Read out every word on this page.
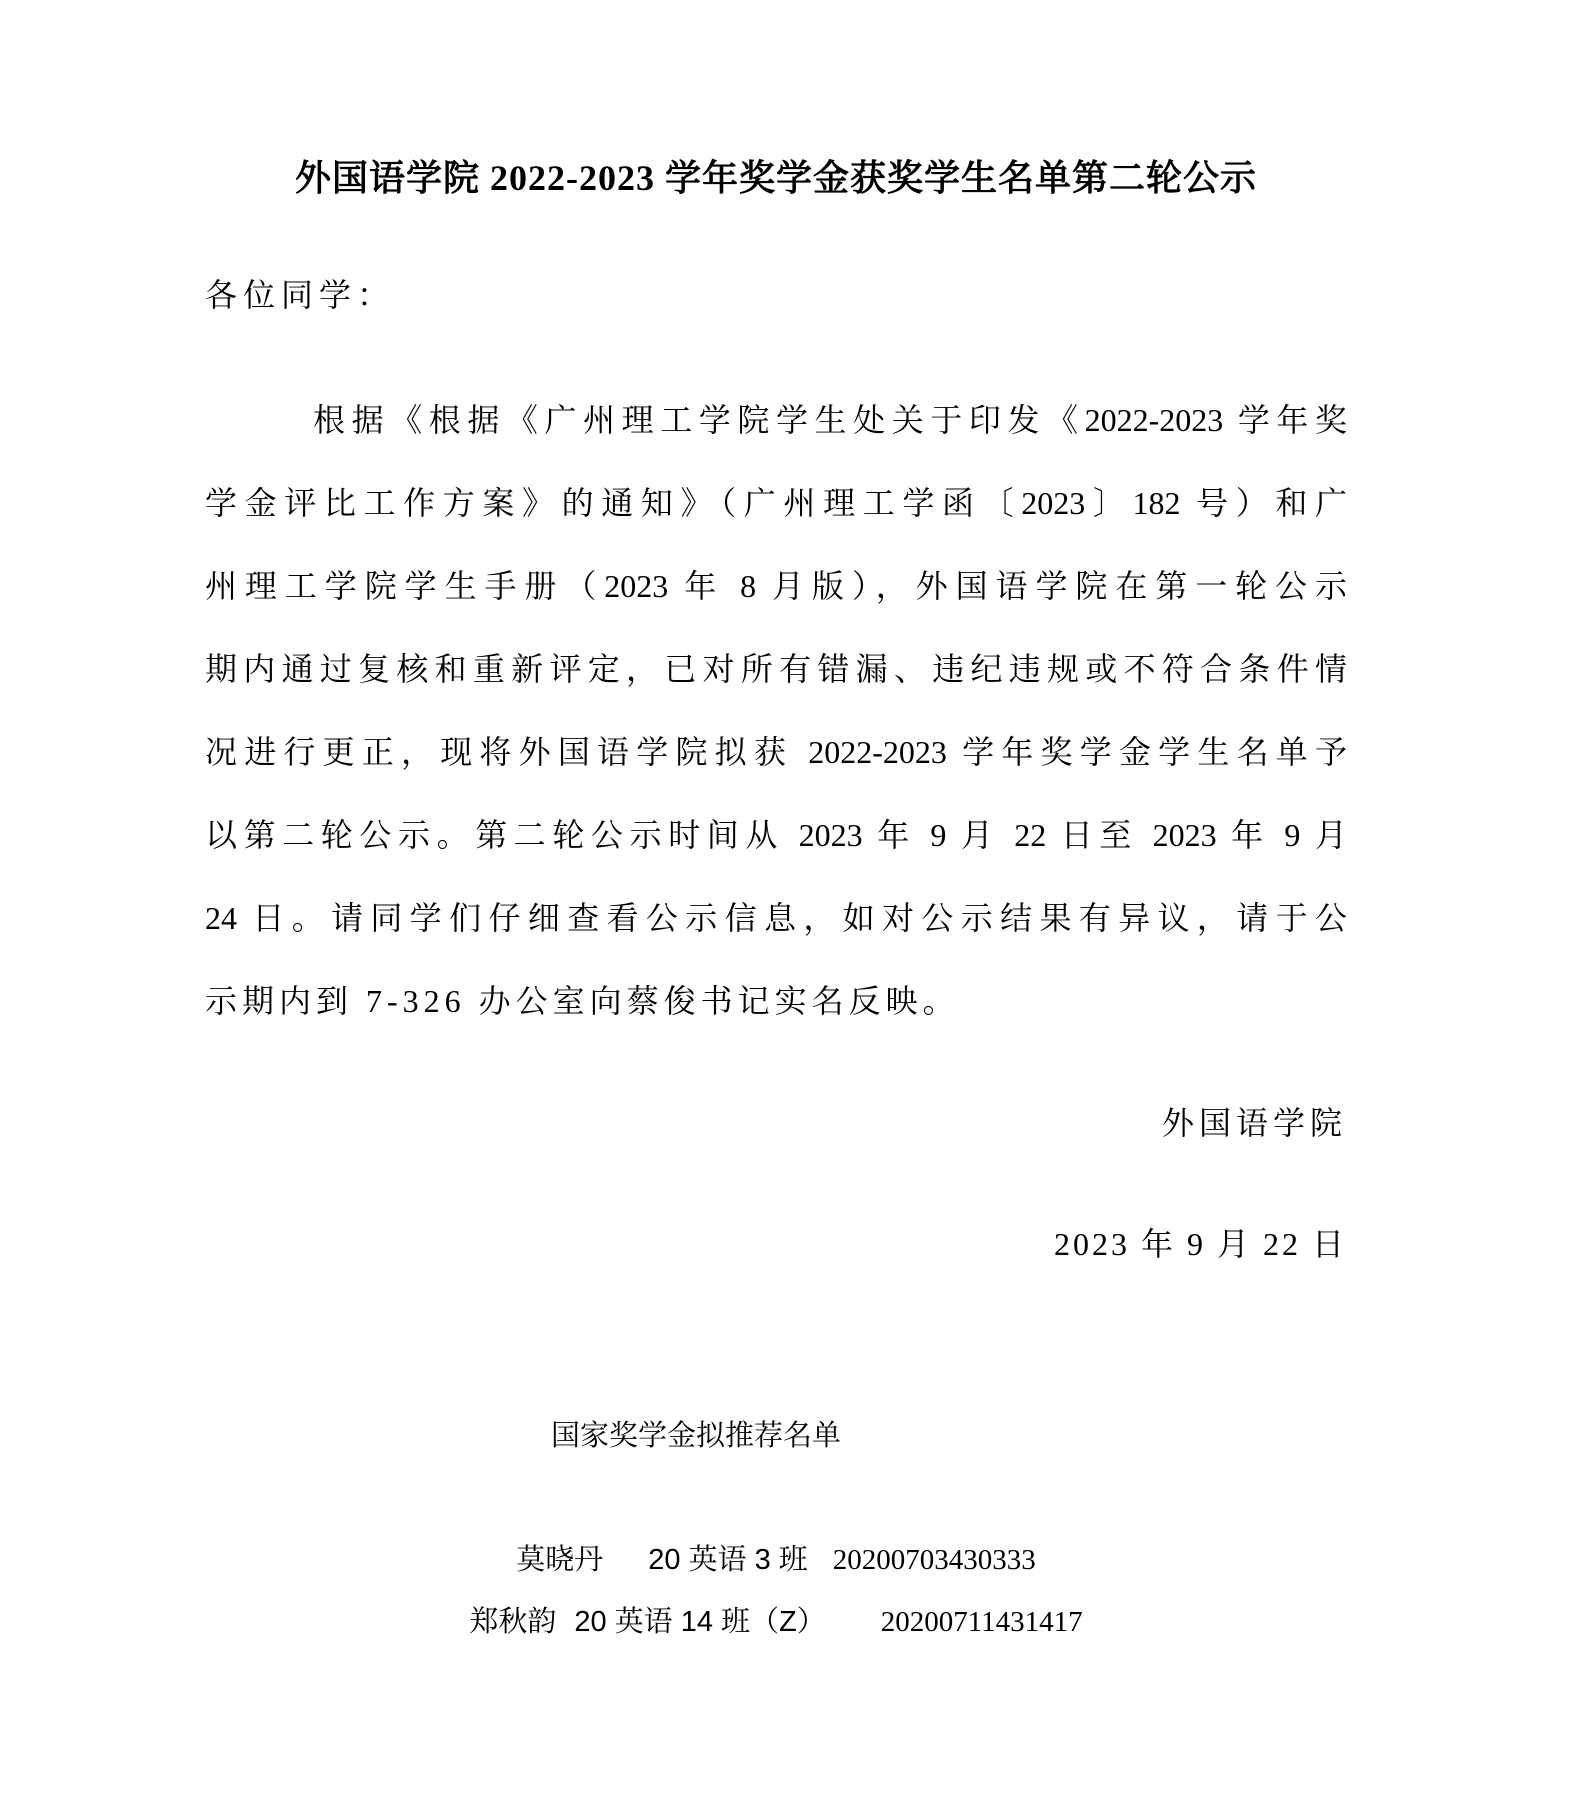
外国语学院 2022-2023 学年奖学金获奖学生名单第二轮公示
各位同学：
根据《根据《广州理工学院学生处关于印发《2022-2023 学年奖
学金评比工作方案》的通知》（广州理工学函〔2023〕182 号）和广
州理工学院学生手册（2023 年 8 月版），外国语学院在第一轮公示
期内通过复核和重新评定，已对所有错漏、违纪违规或不符合条件情
况进行更正，现将外国语学院拟获 2022-2023 学年奖学金学生名单予
以第二轮公示。第二轮公示时间从 2023 年 9 月 22 日至 2023 年 9 月
24 日。请同学们仔细查看公示信息，如对公示结果有异议，请于公
示期内到 7-326 办公室向蔡俊书记实名反映。
外国语学院
2023 年 9 月 22 日
国家奖学金拟推荐名单
莫晓丹 20 英语 3 班 20200703430333
郑秋韵 20 英语 14 班（Z） 20200711431417
